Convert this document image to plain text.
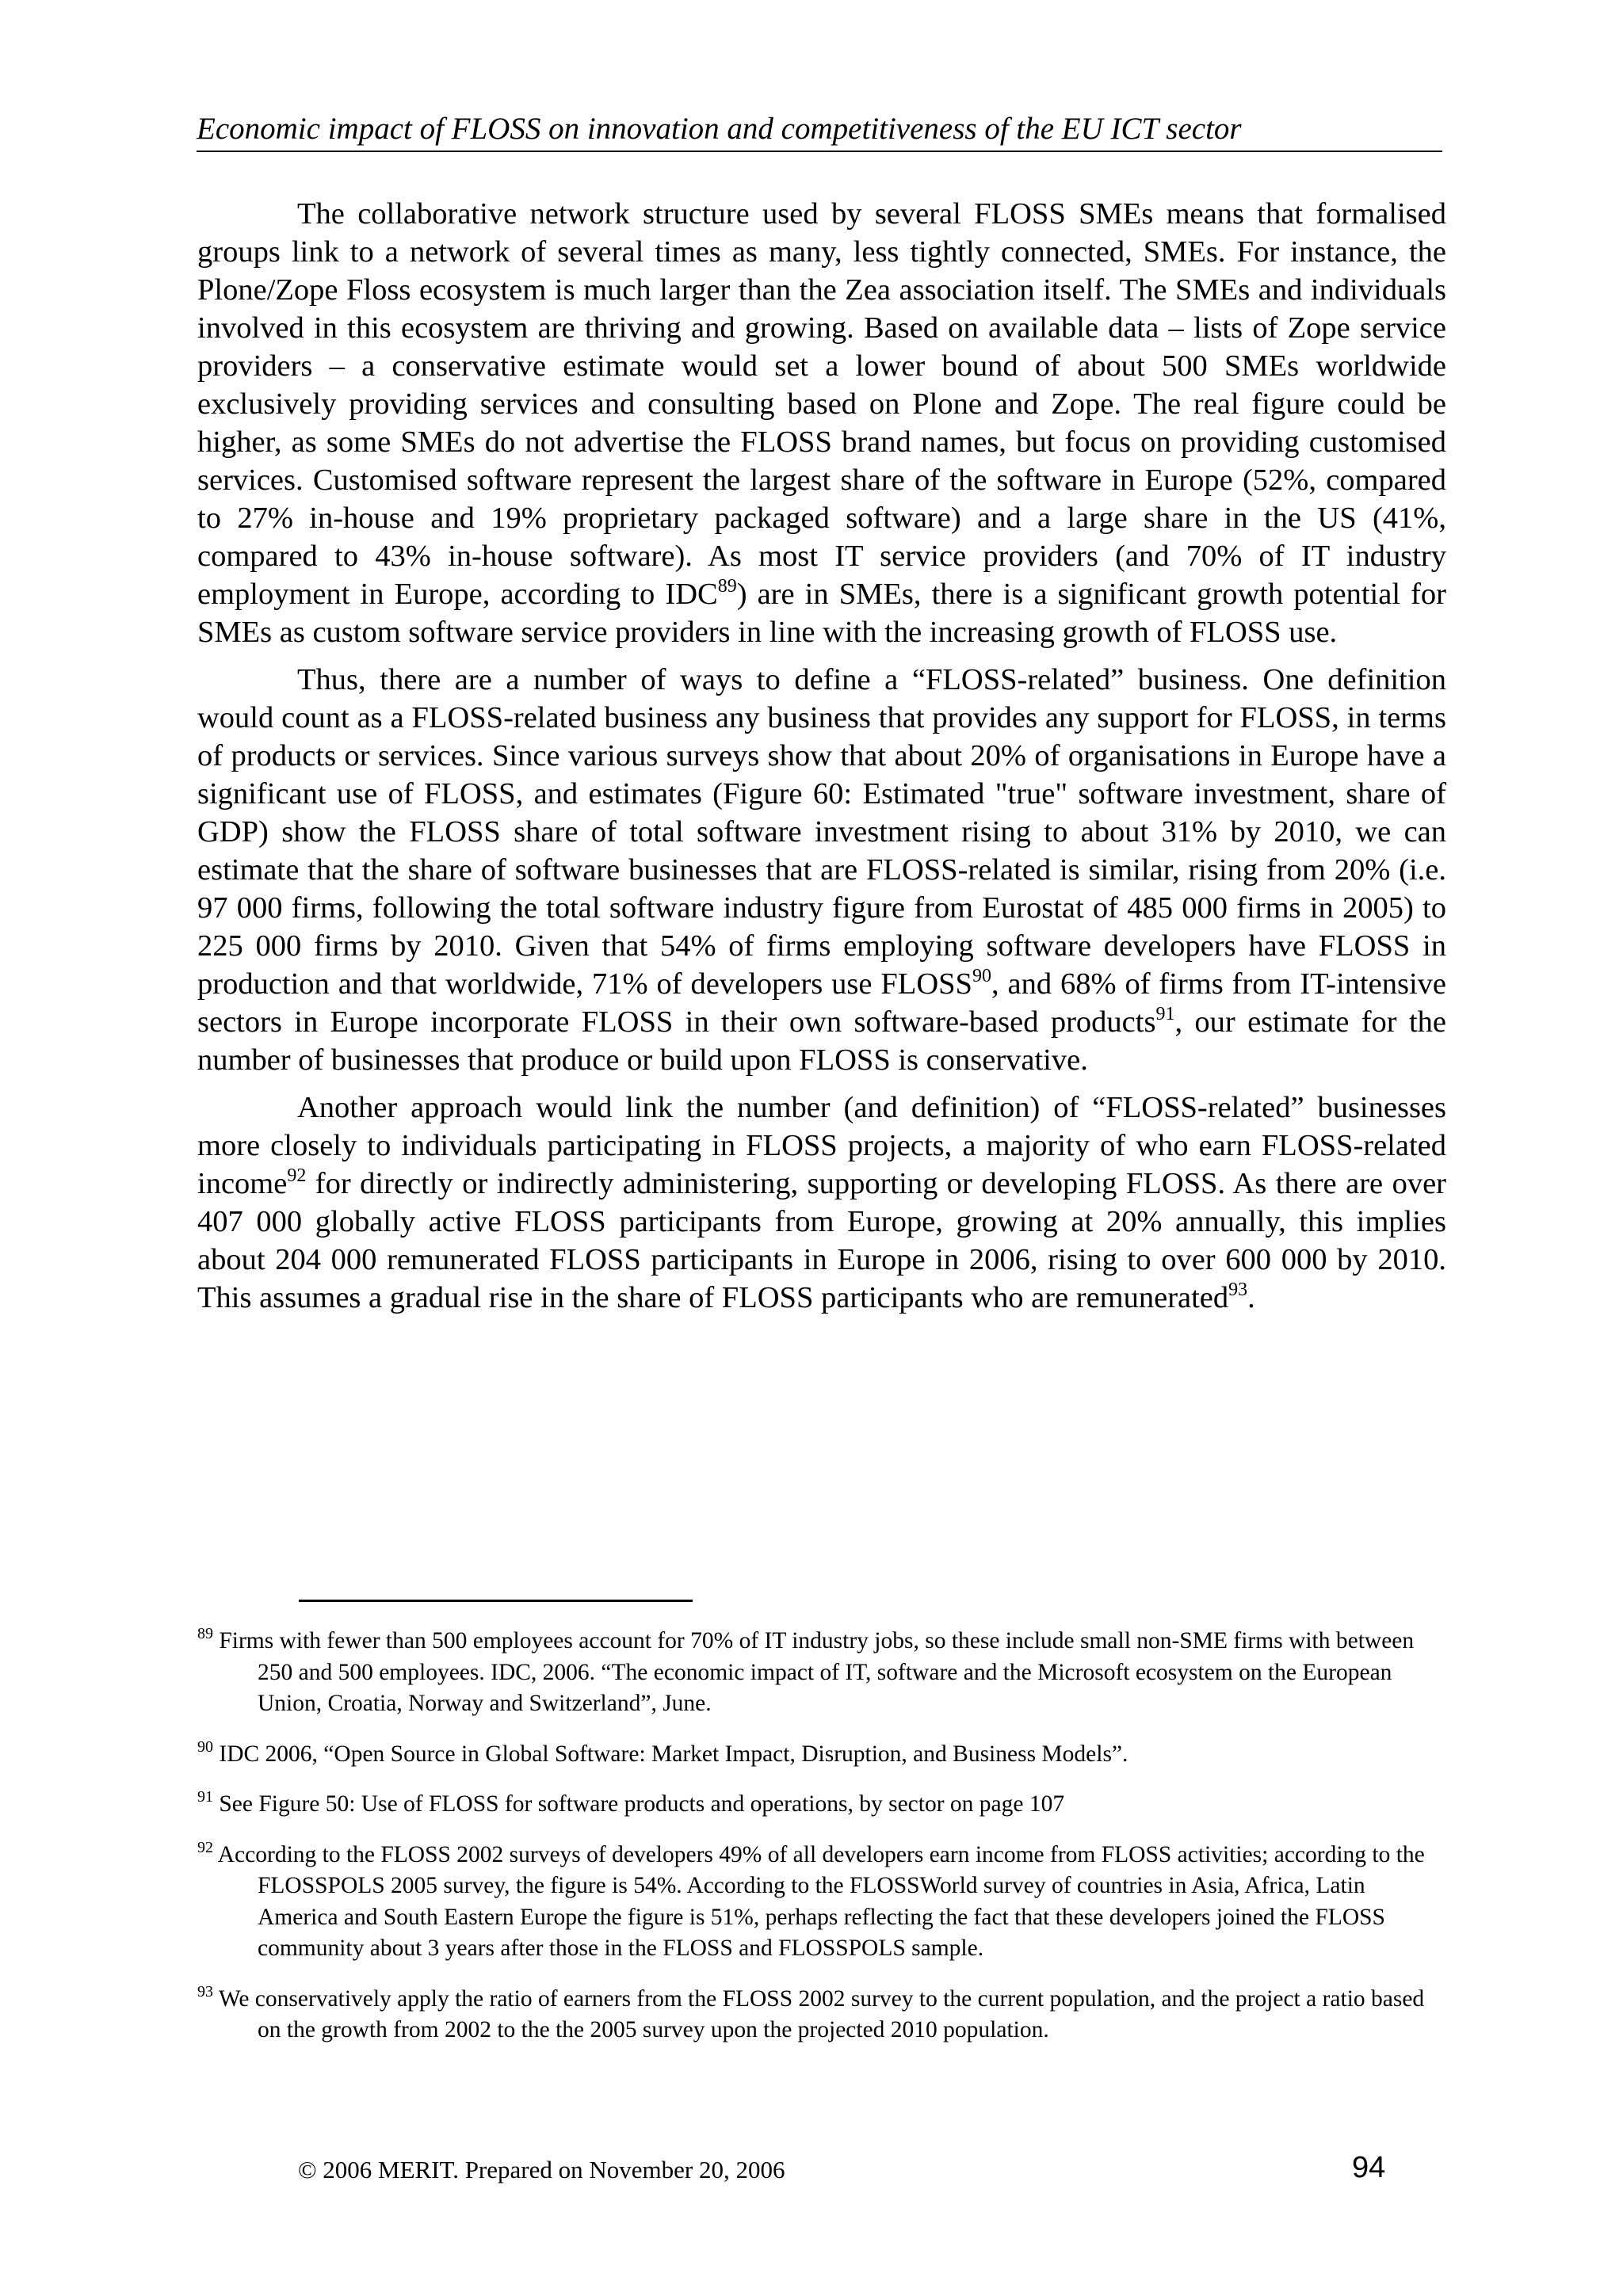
Economic impact of FLOSS on innovation and competitiveness of the EU ICT sector

The collaborative network structure used by several FLOSS SMEs means that formalised groups link to a network of several times as many, less tightly connected, SMEs. For instance, the Plone/Zope Floss ecosystem is much larger than the Zea association itself. The SMEs and individuals involved in this ecosystem are thriving and growing. Based on available data – lists of Zope service providers – a conservative estimate would set a lower bound of about 500 SMEs worldwide exclusively providing services and consulting based on Plone and Zope. The real figure could be higher, as some SMEs do not advertise the FLOSS brand names, but focus on providing customised services. Customised software represent the largest share of the software in Europe (52%, compared to 27% in-house and 19% proprietary packaged software) and a large share in the US (41%, compared to 43% in-house software). As most IT service providers (and 70% of IT industry employment in Europe, according to IDC$^{89}$) are in SMEs, there is a significant growth potential for SMEs as custom software service providers in line with the increasing growth of FLOSS use.

Thus, there are a number of ways to define a “FLOSS-related” business. One definition would count as a FLOSS-related business any business that provides any support for FLOSS, in terms of products or services. Since various surveys show that about 20% of organisations in Europe have a significant use of FLOSS, and estimates (Figure 60: Estimated "true" software investment, share of GDP) show the FLOSS share of total software investment rising to about 31% by 2010, we can estimate that the share of software businesses that are FLOSS-related is similar, rising from 20% (i.e. 97 000 firms, following the total software industry figure from Eurostat of 485 000 firms in 2005) to 225 000 firms by 2010. Given that 54% of firms employing software developers have FLOSS in production and that worldwide, 71% of developers use FLOSS$^{90}$, and 68% of firms from IT-intensive sectors in Europe incorporate FLOSS in their own software-based products$^{91}$, our estimate for the number of businesses that produce or build upon FLOSS is conservative.

Another approach would link the number (and definition) of “FLOSS-related” businesses more closely to individuals participating in FLOSS projects, a majority of who earn FLOSS-related income$^{92}$ for directly or indirectly administering, supporting or developing FLOSS. As there are over 407 000 globally active FLOSS participants from Europe, growing at 20% annually, this implies about 204 000 remunerated FLOSS participants in Europe in 2006, rising to over 600 000 by 2010. This assumes a gradual rise in the share of FLOSS participants who are remunerated$^{93}$.

$^{89}$ Firms with fewer than 500 employees account for 70% of IT industry jobs, so these include small non-SME firms with between 250 and 500 employees. IDC, 2006. “The economic impact of IT, software and the Microsoft ecosystem on the European Union, Croatia, Norway and Switzerland”, June.

$^{90}$ IDC 2006, “Open Source in Global Software: Market Impact, Disruption, and Business Models”.

$^{91}$ See Figure 50: Use of FLOSS for software products and operations, by sector on page 107

$^{92}$ According to the FLOSS 2002 surveys of developers 49% of all developers earn income from FLOSS activities; according to the FLOSSPOLS 2005 survey, the figure is 54%. According to the FLOSSWorld survey of countries in Asia, Africa, Latin America and South Eastern Europe the figure is 51%, perhaps reflecting the fact that these developers joined the FLOSS community about 3 years after those in the FLOSS and FLOSSPOLS sample.

$^{93}$ We conservatively apply the ratio of earners from the FLOSS 2002 survey to the current population, and the project a ratio based on the growth from 2002 to the the 2005 survey upon the projected 2010 population.

© 2006 MERIT. Prepared on November 20, 2006	94
